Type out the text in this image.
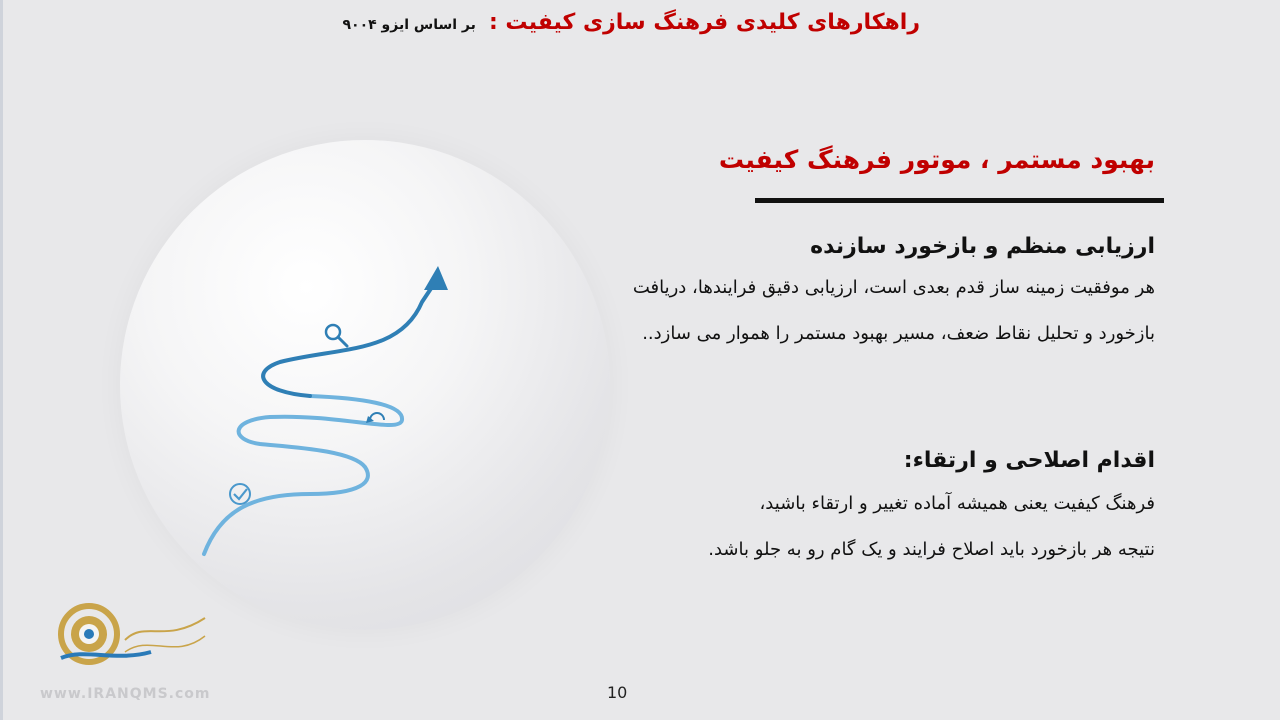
راهکارهای کلیدی فرهنگ سازی کیفیت : بر اساس ایزو ۹۰۰۴
بهبود مستمر ، موتور فرهنگ کیفیت
ارزیابی منظم و بازخورد سازنده

هر موفقیت زمینه ساز قدم بعدی است، ارزیابی دقیق فرایندها، دریافت

بازخورد و تحلیل نقاط ضعف، مسیر بهبود مستمر را هموار می سازد..

اقدام اصلاحی و ارتقاء:

فرهنگ کیفیت یعنی همیشه آماده تغییر و ارتقاء باشید،

نتیجه هر بازخورد باید اصلاح فرایند و یک گام رو به جلو باشد.

www.IRANQMS.com	10
